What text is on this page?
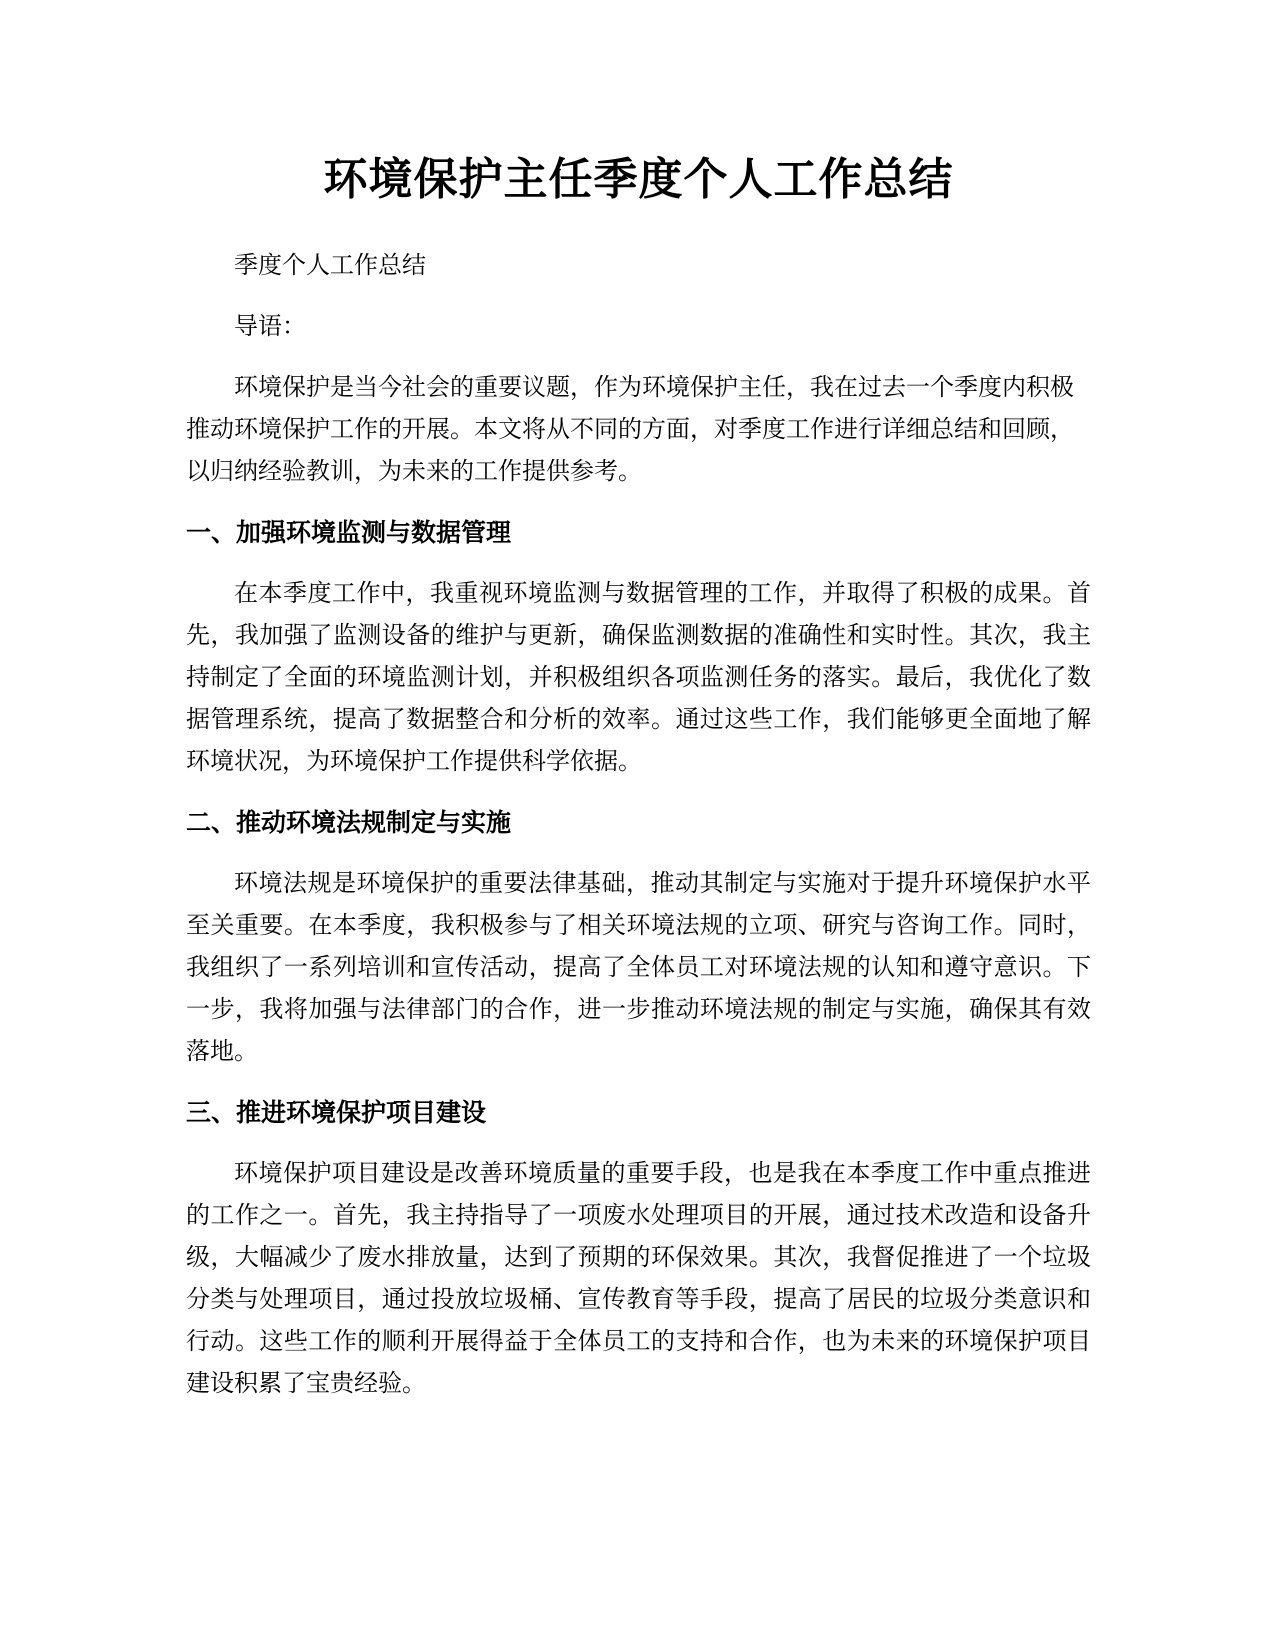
环境保护主任季度个人工作总结

季度个人工作总结

导语：

环境保护是当今社会的重要议题，作为环境保护主任，我在过去一个季度内积极推动环境保护工作的开展。本文将从不同的方面，对季度工作进行详细总结和回顾，以归纳经验教训，为未来的工作提供参考。

一、加强环境监测与数据管理

在本季度工作中，我重视环境监测与数据管理的工作，并取得了积极的成果。首先，我加强了监测设备的维护与更新，确保监测数据的准确性和实时性。其次，我主持制定了全面的环境监测计划，并积极组织各项监测任务的落实。最后，我优化了数据管理系统，提高了数据整合和分析的效率。通过这些工作，我们能够更全面地了解环境状况，为环境保护工作提供科学依据。

二、推动环境法规制定与实施

环境法规是环境保护的重要法律基础，推动其制定与实施对于提升环境保护水平至关重要。在本季度，我积极参与了相关环境法规的立项、研究与咨询工作。同时，我组织了一系列培训和宣传活动，提高了全体员工对环境法规的认知和遵守意识。下一步，我将加强与法律部门的合作，进一步推动环境法规的制定与实施，确保其有效落地。

三、推进环境保护项目建设

环境保护项目建设是改善环境质量的重要手段，也是我在本季度工作中重点推进的工作之一。首先，我主持指导了一项废水处理项目的开展，通过技术改造和设备升级，大幅减少了废水排放量，达到了预期的环保效果。其次，我督促推进了一个垃圾分类与处理项目，通过投放垃圾桶、宣传教育等手段，提高了居民的垃圾分类意识和行动。这些工作的顺利开展得益于全体员工的支持和合作，也为未来的环境保护项目建设积累了宝贵经验。
